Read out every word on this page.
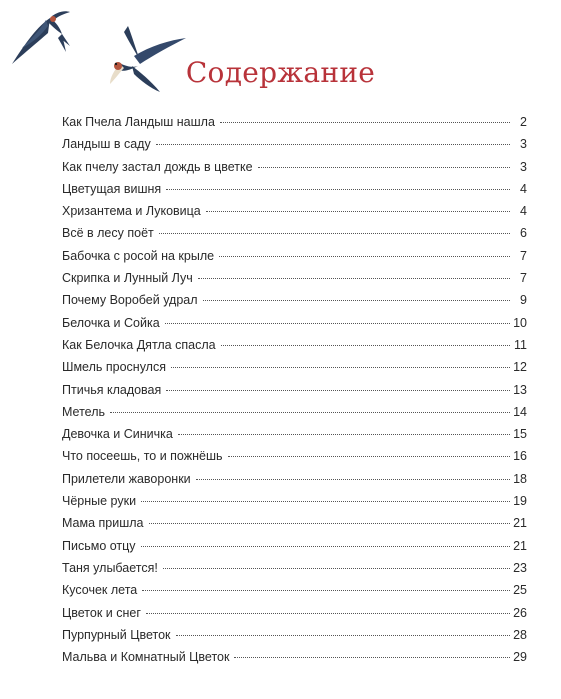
Содержание
Как Пчела Ландыш нашла	2
Ландыш в саду	3
Как пчелу застал дождь в цветке	3
Цветущая вишня	4
Хризантема и Луковица	4
Всё в лесу поёт	6
Бабочка с росой на крыле	7
Скрипка и Лунный Луч	7
Почему Воробей удрал	9
Белочка и Сойка	10
Как Белочка Дятла спасла	11
Шмель проснулся	12
Птичья кладовая	13
Метель	14
Девочка и Синичка	15
Что посеешь, то и пожнёшь	16
Прилетели жаворонки	18
Чёрные руки	19
Мама пришла	21
Письмо отцу	21
Таня улыбается!	23
Кусочек лета	25
Цветок и снег	26
Пурпурный Цветок	28
Мальва и Комнатный Цветок	29
